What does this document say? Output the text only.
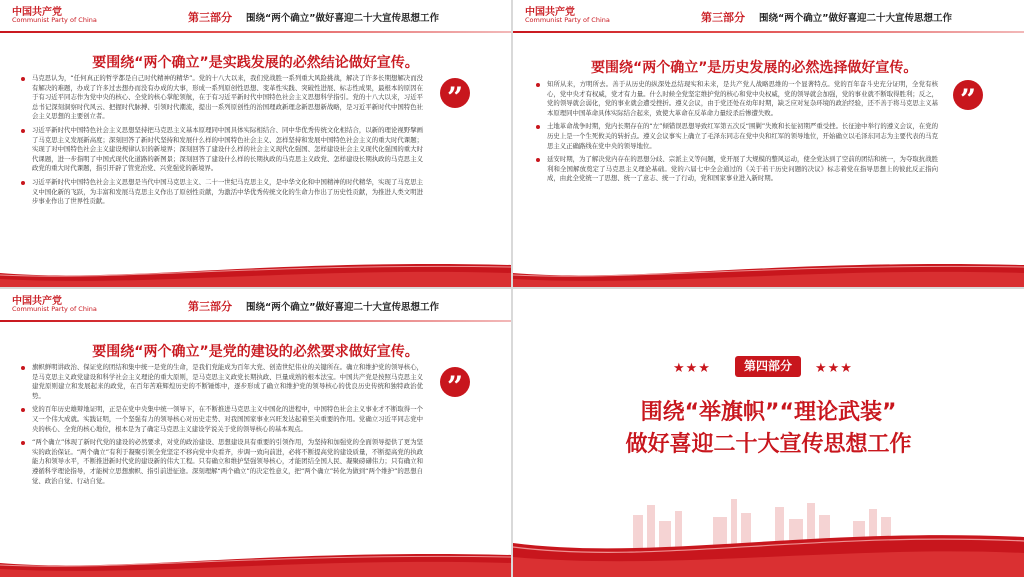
中国共产党
Communist Party of China	第三部分 围绕“两个确立”做好喜迎二十大宣传思想工作
要围绕“两个确立”是实践发展的必然结论做好宣传。

马克思认为，“任何真正的哲学都是自己时代精神的精华”。党的十八大以来，我们党战胜一系列重大风险挑战，解决了许多长期想解决而没有解决的难题，办成了许多过去想办而没有办成的大事，形成一系列原创性思想、变革性实践、突破性进展、标志性成果，最根本的原因在于有习近平同志作为党中央的核心、全党的核心掌舵领航，在于有习近平新时代中国特色社会主义思想科学指引。党的十八大以来，习近平总书记深刻洞察时代风云、把握时代脉搏、引领时代潮流，提出一系列原创性的治国理政新理念新思想新战略，是习近平新时代中国特色社会主义思想的主要创立者。

习近平新时代中国特色社会主义思想坚持把马克思主义基本原理同中国具体实际相结合、同中华优秀传统文化相结合，以新的理论视野擘画了马克思主义发展新高度；深刻回答了新时代坚持和发展什么样的中国特色社会主义、怎样坚持和发展中国特色社会主义的重大时代课题；实现了对中国特色社会主义建设规律认识的新境界；深刻回答了建设什么样的社会主义现代化强国、怎样建设社会主义现代化强国的重大时代课题，进一步指明了中国式现代化道路的新图景；深刻回答了建设什么样的长期执政的马克思主义政党、怎样建设长期执政的马克思主义政党的重大时代课题，指引开辟了管党治党、兴党强党的新境界。

习近平新时代中国特色社会主义思想是当代中国马克思主义、二十一世纪马克思主义，是中华文化和中国精神的时代精华，实现了马克思主义中国化新的飞跃，为丰富和发展马克思主义作出了原创性贡献，为激活中华优秀传统文化的生命力作出了历史性贡献，为推进人类文明进步事业作出了世界性贡献。

”
中国共产党
Communist Party of China	第三部分 围绕“两个确立”做好喜迎二十大宣传思想工作
要围绕“两个确立”是历史发展的必然选择做好宣传。

知所从来，方明所去。善于从历史的纵深处总结现实和未来，是共产党人战略思维的一个显著特点。党的百年奋斗史充分证明，全党有核心，党中央才有权威，党才有力量。什么时候全党坚定维护党的核心和党中央权威，党的领导就会加强，党的事业就不断取得胜利；反之，党的领导就会弱化，党的事业就会遭受挫折。遵义会议，由于党还处在幼年时期，缺乏应对复杂环境的政治经验，还不善于将马克思主义基本原理同中国革命具体实际结合起来，致使大革命在反革命力量绞杀后惨遭失败。

土地革命战争时期，党内长期存在的“左”倾错误思想导致红军第五次反“围剿”失败和长征初期严重受挫。长征途中举行的遵义会议，在党的历史上是一个生死攸关的转折点。遵义会议事实上确立了毛泽东同志在党中央和红军的领导地位，开始确立以毛泽东同志为主要代表的马克思主义正确路线在党中央的领导地位。

延安时期，为了解决党内存在的思想分歧、宗派主义等问题，党开展了大规模的整风运动，使全党达到了空前的团结和统一，为夺取抗战胜利和全国解放奠定了马克思主义理论基础。党的六届七中全会通过的《关于若干历史问题的决议》标志着党在指导思想上的彼此反正指向成，由此全党统一了思想、统一了意志、统一了行动，党和国家事业进入新时期。

”
中国共产党
Communist Party of China	第三部分 围绕“两个确立”做好喜迎二十大宣传思想工作
要围绕“两个确立”是党的建设的必然要求做好宣传。

旗帜鲜明讲政治、保证党的团结和集中统一是党的生命，是我们党能成为百年大党、创造世纪伟业的关键所在。确立和维护党的领导核心，是马克思主义政党建设和科学社会主义理论的重大原则，是马克思主义政党长期执政、巨量成熟的根本法宝。中国共产党是按照马克思主义建党原则建立和发展起来的政党，在百年苦难辉煌历史的不断锤炼中，逐步形成了确立和维护党的领导核心的优良历史传统和独特政治优势。

党的百年历史雄辩地证明，正是在党中央集中统一领导下，在不断推进马克思主义中国化的进程中，中国特色社会主义事业才不断取得一个又一个伟大成就。实践证明，一个坚强有力的领导核心对历史走势、对我国国家事业兴旺发达起着至关重要的作用。党确立习近平同志党中央的核心、全党的核心地位，根本是为了确定马克思主义建设学说关于党的领导核心的基本观点。

“两个确立”体现了新时代党的建设的必然要求，对党的政治建设、思想建设具有重要的引领作用，为坚持和加强党的全面领导提供了更为坚实的政治保证。“两个确立”有利于凝聚引领全党坚定不移向党中央看齐，步调一致向前进，必将不断提高党的建设质量，不断提高党的执政能力和领导水平，不断推进新时代党的建设新的伟大工程。只有确立和维护坚强领导核心，才能团结全国人民、凝聚磅礴伟力；只有确立和遵循科学理论指导，才能树立思想旗帜、指引前进征途。深刻理解“两个确立”的决定性意义，把“两个确立”转化为做到“两个维护”的思想自觉、政治自觉、行动自觉。

”
★★★	第四部分	★★★
围绕“举旗帜”“理论武装”
做好喜迎二十大宣传思想工作
